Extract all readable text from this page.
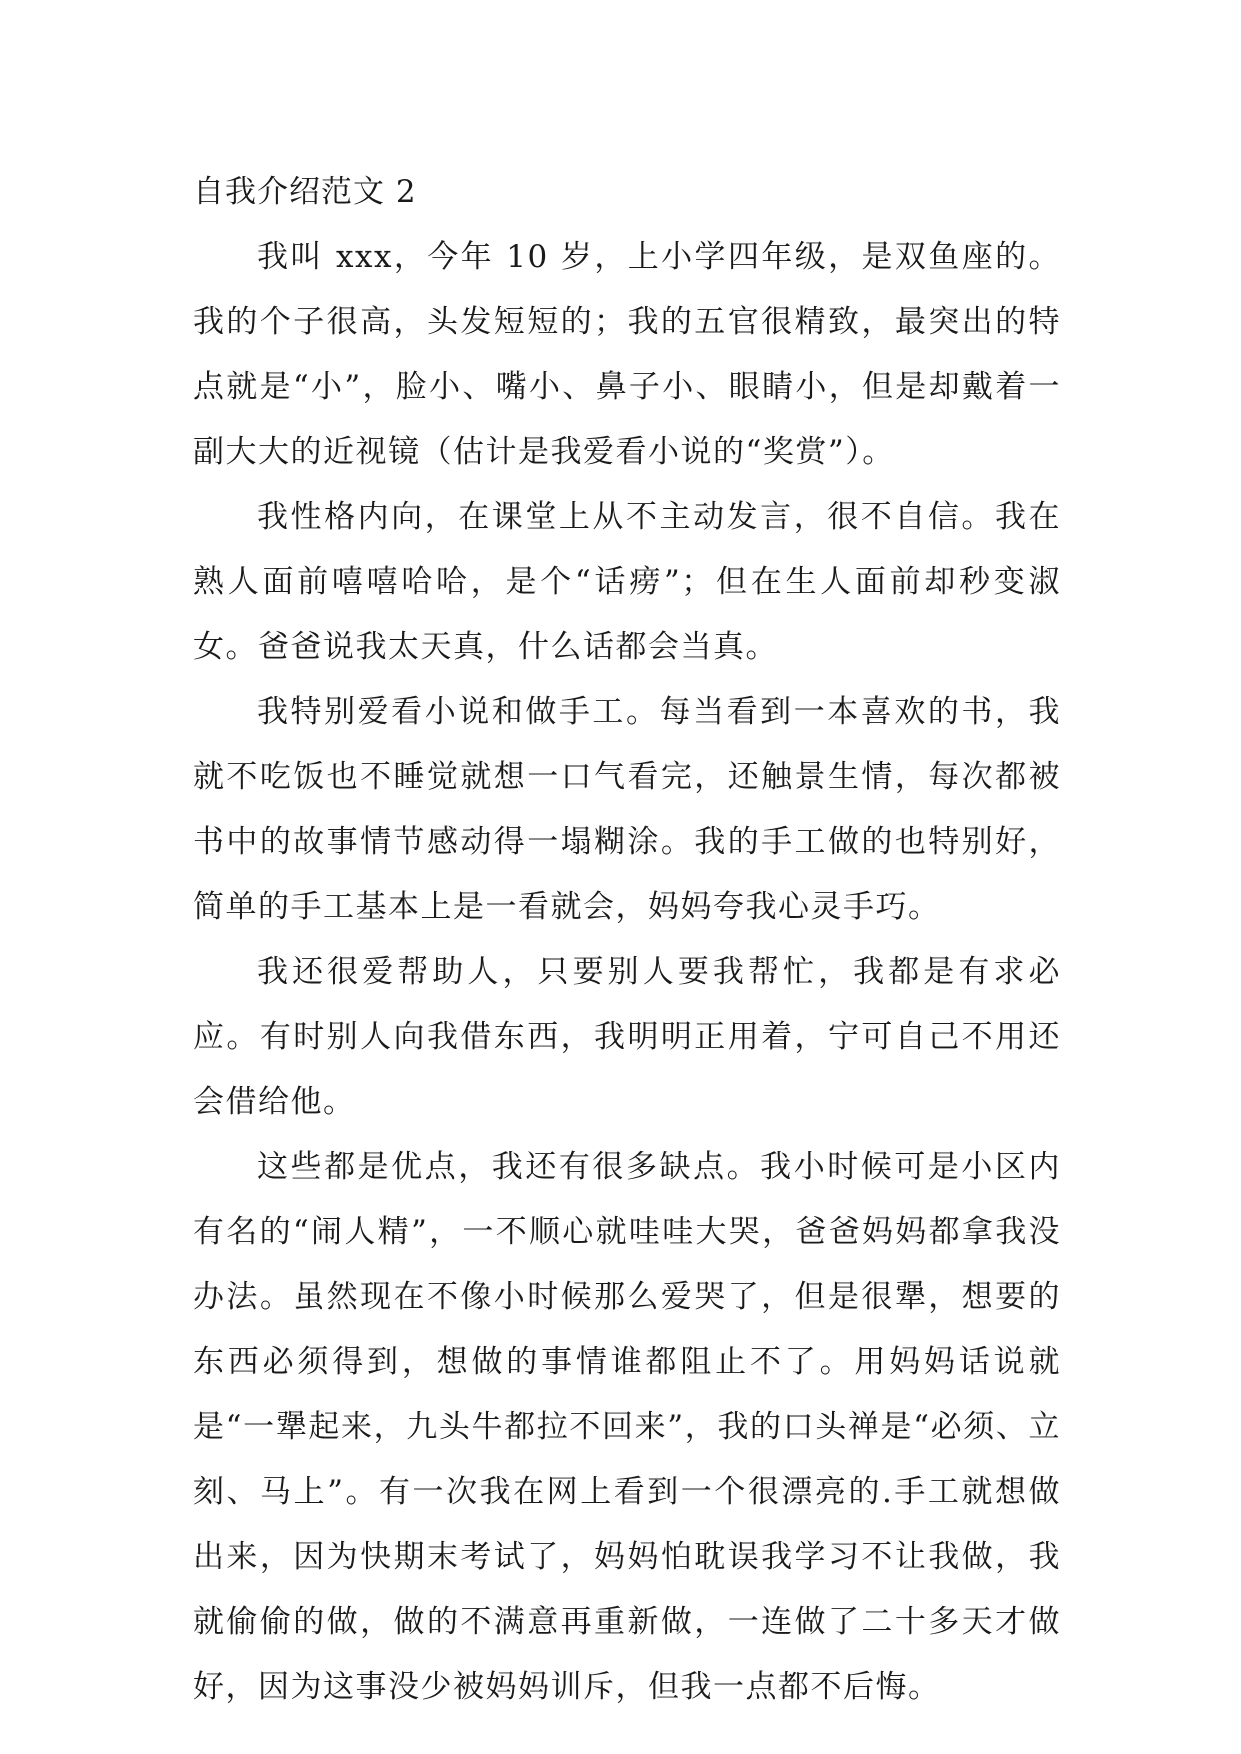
自我介绍范文 2

我叫 xxx，今年 10 岁，上小学四年级，是双鱼座的。我的个子很高，头发短短的；我的五官很精致，最突出的特点就是“小”，脸小、嘴小、鼻子小、眼睛小，但是却戴着一副大大的近视镜（估计是我爱看小说的“奖赏”）。

我性格内向，在课堂上从不主动发言，很不自信。我在熟人面前嘻嘻哈哈，是个“话痨”；但在生人面前却秒变淑女。爸爸说我太天真，什么话都会当真。

我特别爱看小说和做手工。每当看到一本喜欢的书，我就不吃饭也不睡觉就想一口气看完，还触景生情，每次都被书中的故事情节感动得一塌糊涂。我的手工做的也特别好，简单的手工基本上是一看就会，妈妈夸我心灵手巧。

我还很爱帮助人，只要别人要我帮忙，我都是有求必应。有时别人向我借东西，我明明正用着，宁可自己不用还会借给他。

这些都是优点，我还有很多缺点。我小时候可是小区内有名的“闹人精”，一不顺心就哇哇大哭，爸爸妈妈都拿我没办法。虽然现在不像小时候那么爱哭了，但是很犟，想要的东西必须得到，想做的事情谁都阻止不了。用妈妈话说就是“一犟起来，九头牛都拉不回来”，我的口头禅是“必须、立刻、马上”。有一次我在网上看到一个很漂亮的.手工就想做出来，因为快期末考试了，妈妈怕耽误我学习不让我做，我就偷偷的做，做的不满意再重新做，一连做了二十多天才做好，因为这事没少被妈妈训斥，但我一点都不后悔。
